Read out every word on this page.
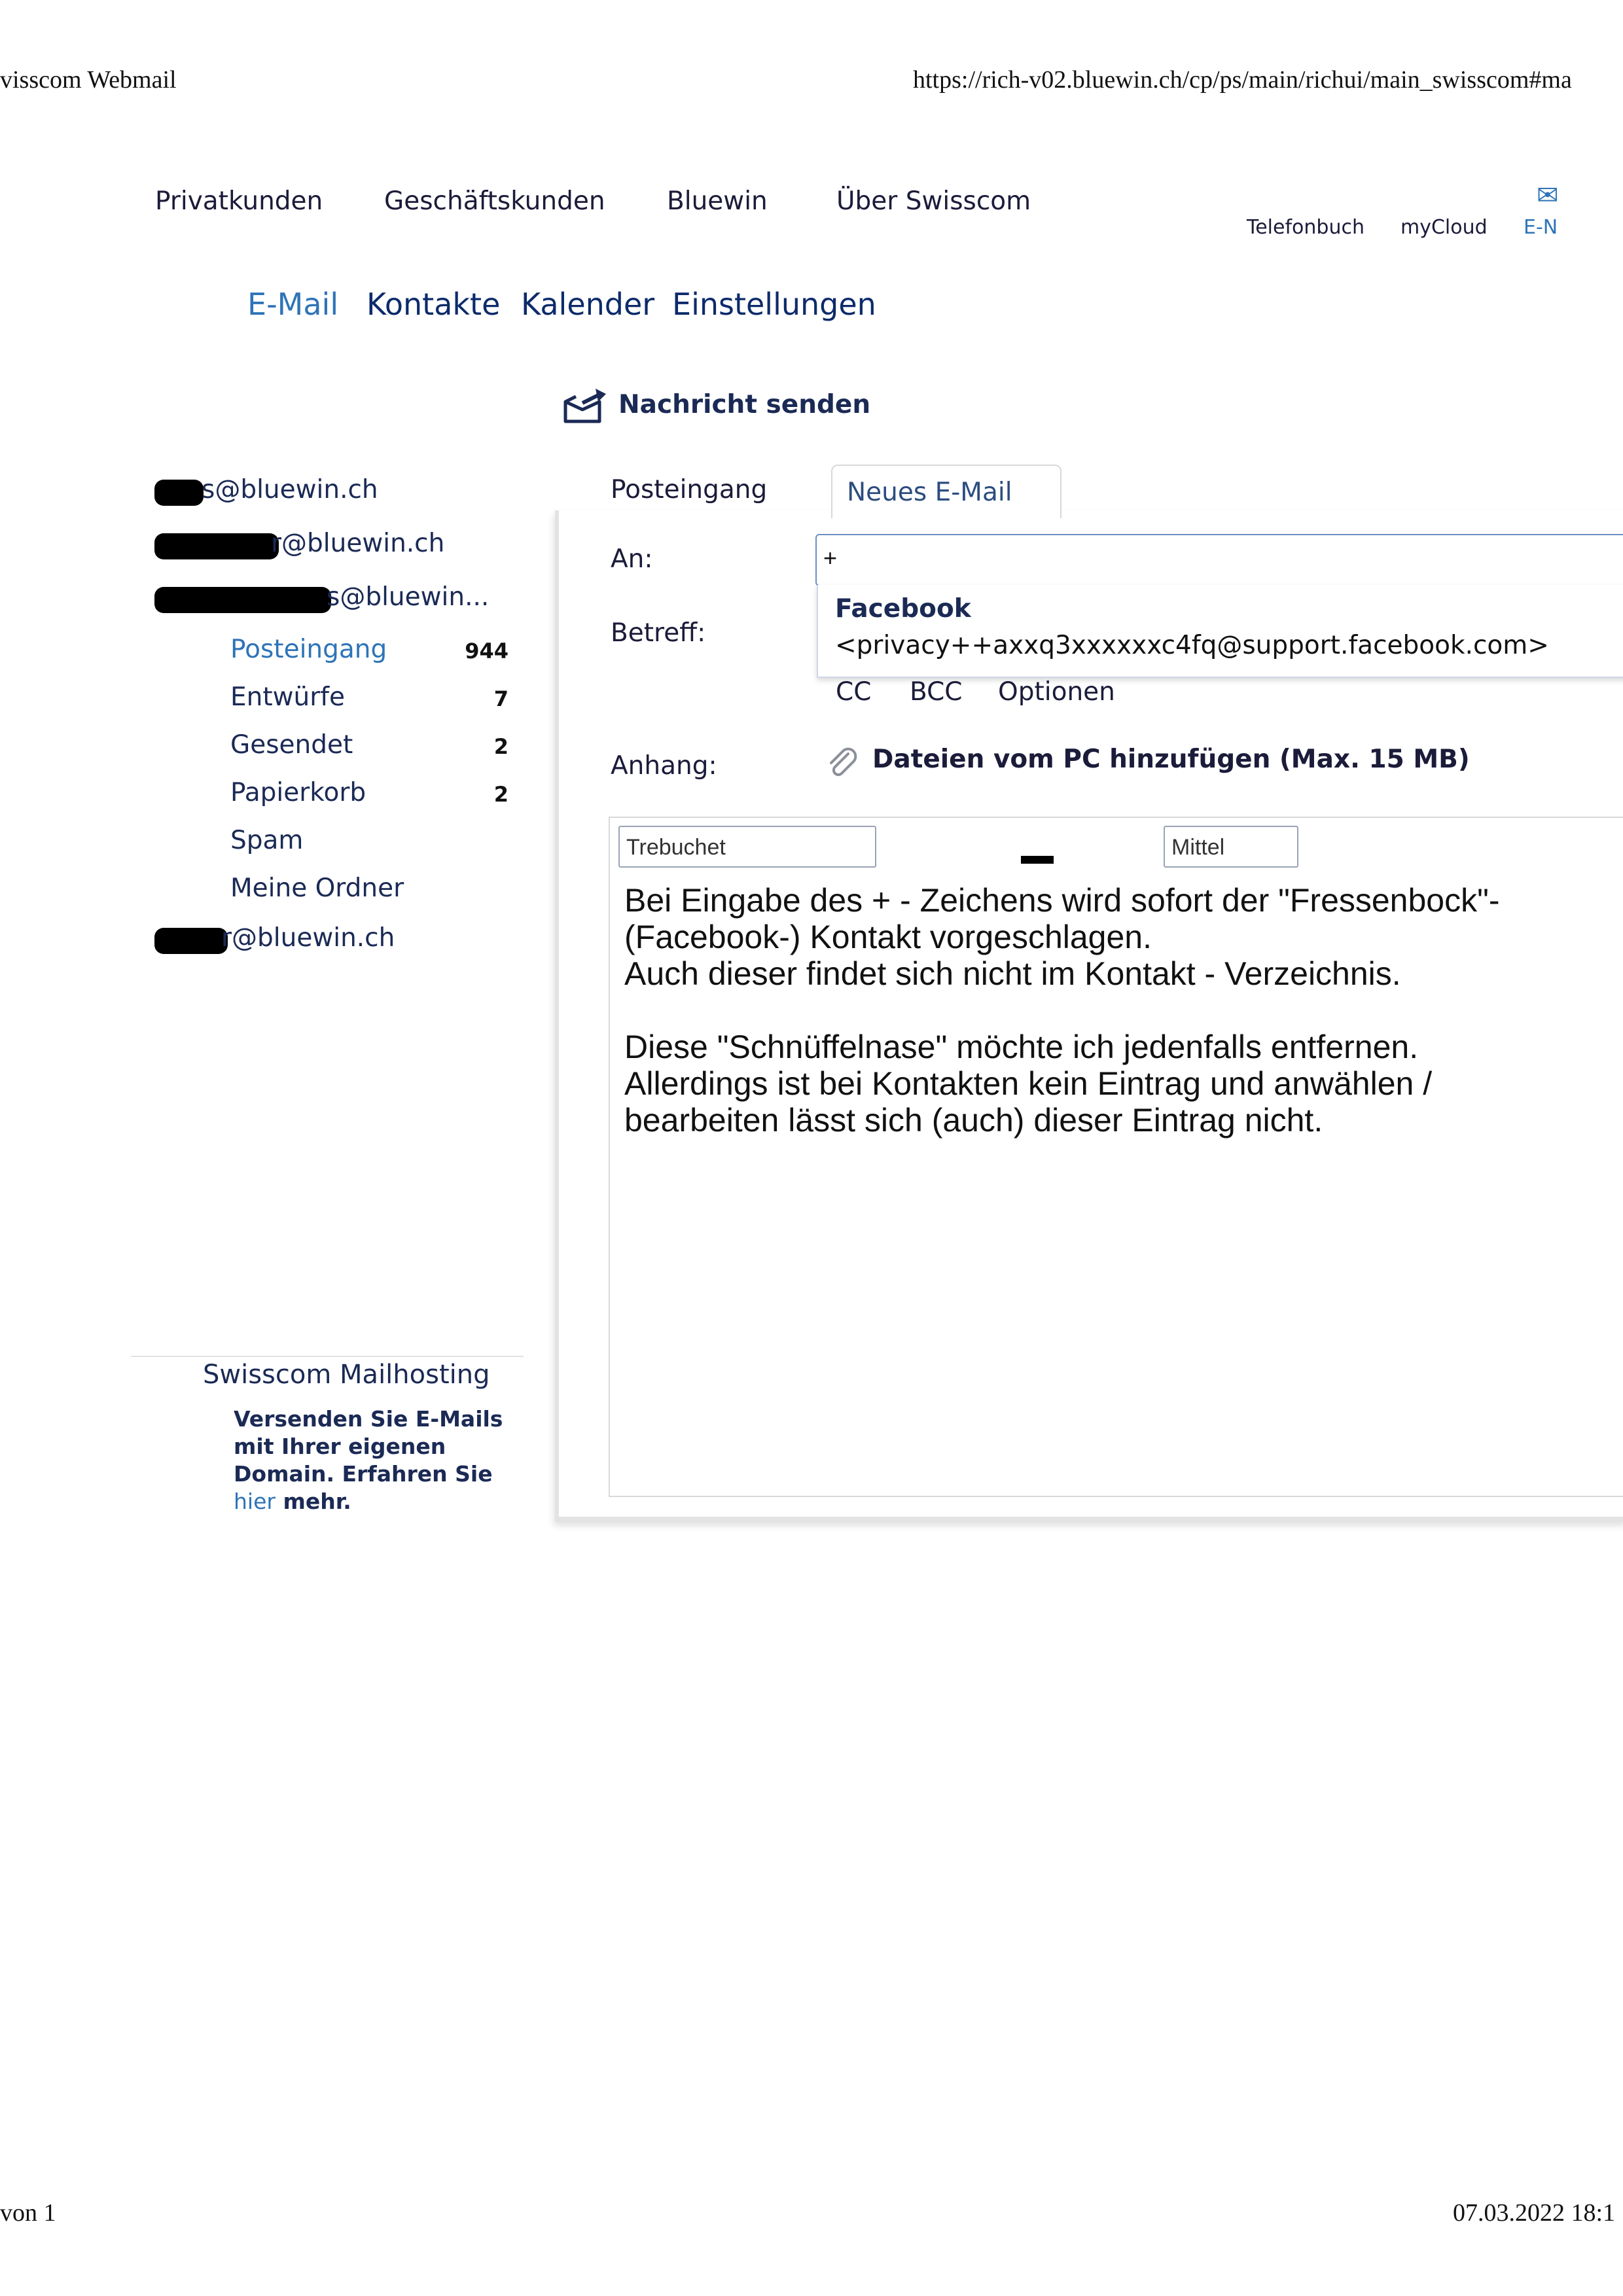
visscom Webmail	https://rich-v02.bluewin.ch/cp/ps/main/richui/main_swisscom#ma
Privatkunden Geschäftskunden Bluewin	Über Swisscom
Telefonbuch myCloud
✉
E-N
E-Mail Kontakte Kalender Einstellungen
Nachricht senden
s@bluewin.ch
r@bluewin.ch
s@bluewin...
Posteingang	944
Entwürfe	7
Gesendet	2
Papierkorb	2
Spam
Meine Ordner
r@bluewin.ch
Swisscom Mailhosting
Versenden Sie E-Mails mit Ihrer eigenen Domain. Erfahren Sie hier mehr.
Posteingang	Neues E-Mail
An:	+
Betreff:
Facebook
<privacy++axxq3xxxxxxc4fq@support.facebook.com>
CC BCC Optionen
Anhang:	Dateien vom PC hinzufügen (Max. 15 MB)
Trebuchet	Mittel
Bei Eingabe des + - Zeichens wird sofort der "Fressenbock"-
(Facebook-) Kontakt vorgeschlagen.
Auch dieser findet sich nicht im Kontakt - Verzeichnis.

Diese "Schnüffelnase" möchte ich jedenfalls entfernen.
Allerdings ist bei Kontakten kein Eintrag und anwählen /
bearbeiten lässt sich (auch) dieser Eintrag nicht.
von 1	07.03.2022 18:1
